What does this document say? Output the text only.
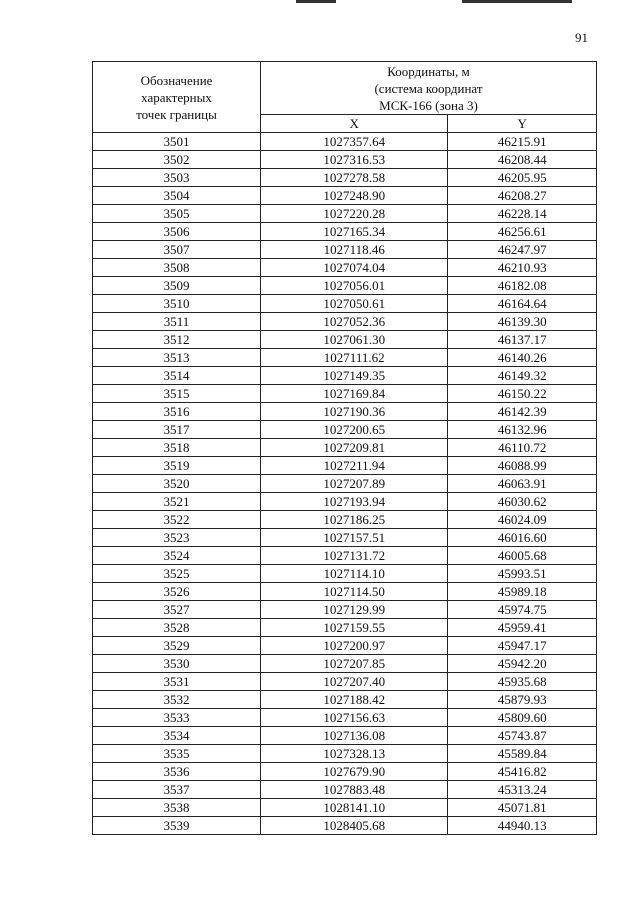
91
Обозначение
характерных
точек границы	Координаты, м
(система координат
МСК-166 (зона 3)	

	X	Y
3501	1027357.64	46215.91
3502	1027316.53	46208.44
3503	1027278.58	46205.95
3504	1027248.90	46208.27
3505	1027220.28	46228.14
3506	1027165.34	46256.61
3507	1027118.46	46247.97
3508	1027074.04	46210.93
3509	1027056.01	46182.08
3510	1027050.61	46164.64
3511	1027052.36	46139.30
3512	1027061.30	46137.17
3513	1027111.62	46140.26
3514	1027149.35	46149.32
3515	1027169.84	46150.22
3516	1027190.36	46142.39
3517	1027200.65	46132.96
3518	1027209.81	46110.72
3519	1027211.94	46088.99
3520	1027207.89	46063.91
3521	1027193.94	46030.62
3522	1027186.25	46024.09
3523	1027157.51	46016.60
3524	1027131.72	46005.68
3525	1027114.10	45993.51
3526	1027114.50	45989.18
3527	1027129.99	45974.75
3528	1027159.55	45959.41
3529	1027200.97	45947.17
3530	1027207.85	45942.20
3531	1027207.40	45935.68
3532	1027188.42	45879.93
3533	1027156.63	45809.60
3534	1027136.08	45743.87
3535	1027328.13	45589.84
3536	1027679.90	45416.82
3537	1027883.48	45313.24
3538	1028141.10	45071.81
3539	1028405.68	44940.13
